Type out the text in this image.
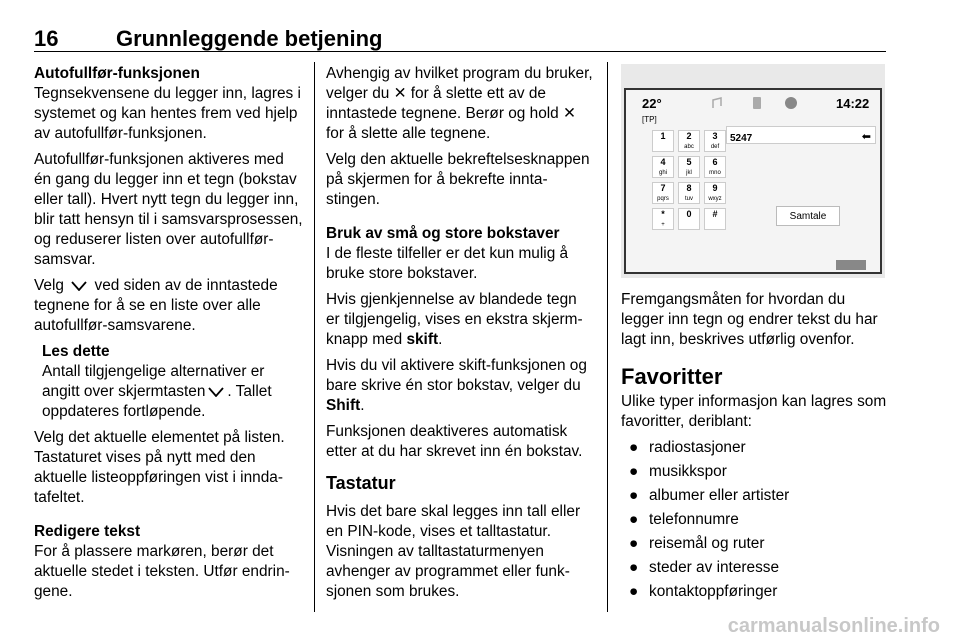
16	Grunnleggende betjening

Autofullfør-funksjonen

Tegnsekvensene du legger inn, lagres i systemet og kan hentes frem ved hjelp av autofullfør-funksjonen.

Autofullfør-funksjonen aktiveres med én gang du legger inn et tegn (bokstav eller tall). Hvert nytt tegn du legger inn, blir tatt hensyn til i samsvarsprosessen, og reduserer listen over autofullfør-samsvar.

Velg ved siden av de inntastede tegnene for å se en liste over alle autofullfør-samsvarene.

Les dette

Antall tilgjengelige alternativer er angitt over skjermtasten . Tallet oppdateres fortløpende.

Velg det aktuelle elementet på listen. Tastaturet vises på nytt med den aktuelle listeoppføringen vist i inndatafeltet.

Redigere tekst

For å plassere markøren, berør det aktuelle stedet i teksten. Utfør endringene.

Avhengig av hvilket program du bruker, velger du ✕ for å slette ett av de inntastede tegnene. Berør og hold ✕ for å slette alle tegnene.

Velg den aktuelle bekreftelsesknappen på skjermen for å bekrefte inntastingen.

Bruk av små og store bokstaver

I de fleste tilfeller er det kun mulig å bruke store bokstaver.

Hvis gjenkjennelse av blandede tegn er tilgjengelig, vises en ekstra skjermknapp med skift.

Hvis du vil aktivere skift-funksjonen og bare skrive én stor bokstav, velger du Shift.

Funksjonen deaktiveres automatisk etter at du har skrevet inn én bokstav.

Tastatur

Hvis det bare skal legges inn tall eller en PIN-kode, vises et talltastatur. Visningen av talltastaturmenyen avhenger av programmet eller funksjonen som brukes.

22°
[TP]
14:22
5247	⬅
1	2
abc
3
def
4
ghi
5
jkl
6
mno
7
pqrs
8
tuv
9
wxyz
*
+
0	#	Samtale

Fremgangsmåten for hvordan du legger inn tegn og endrer tekst du har lagt inn, beskrives utførlig ovenfor.

Favoritter

Ulike typer informasjon kan lagres som favoritter, deriblant:

● radiostasjoner
● musikkspor
● albumer eller artister
● telefonnumre
● reisemål og ruter
● steder av interesse
● kontaktoppføringer
carmanualsonline.info
